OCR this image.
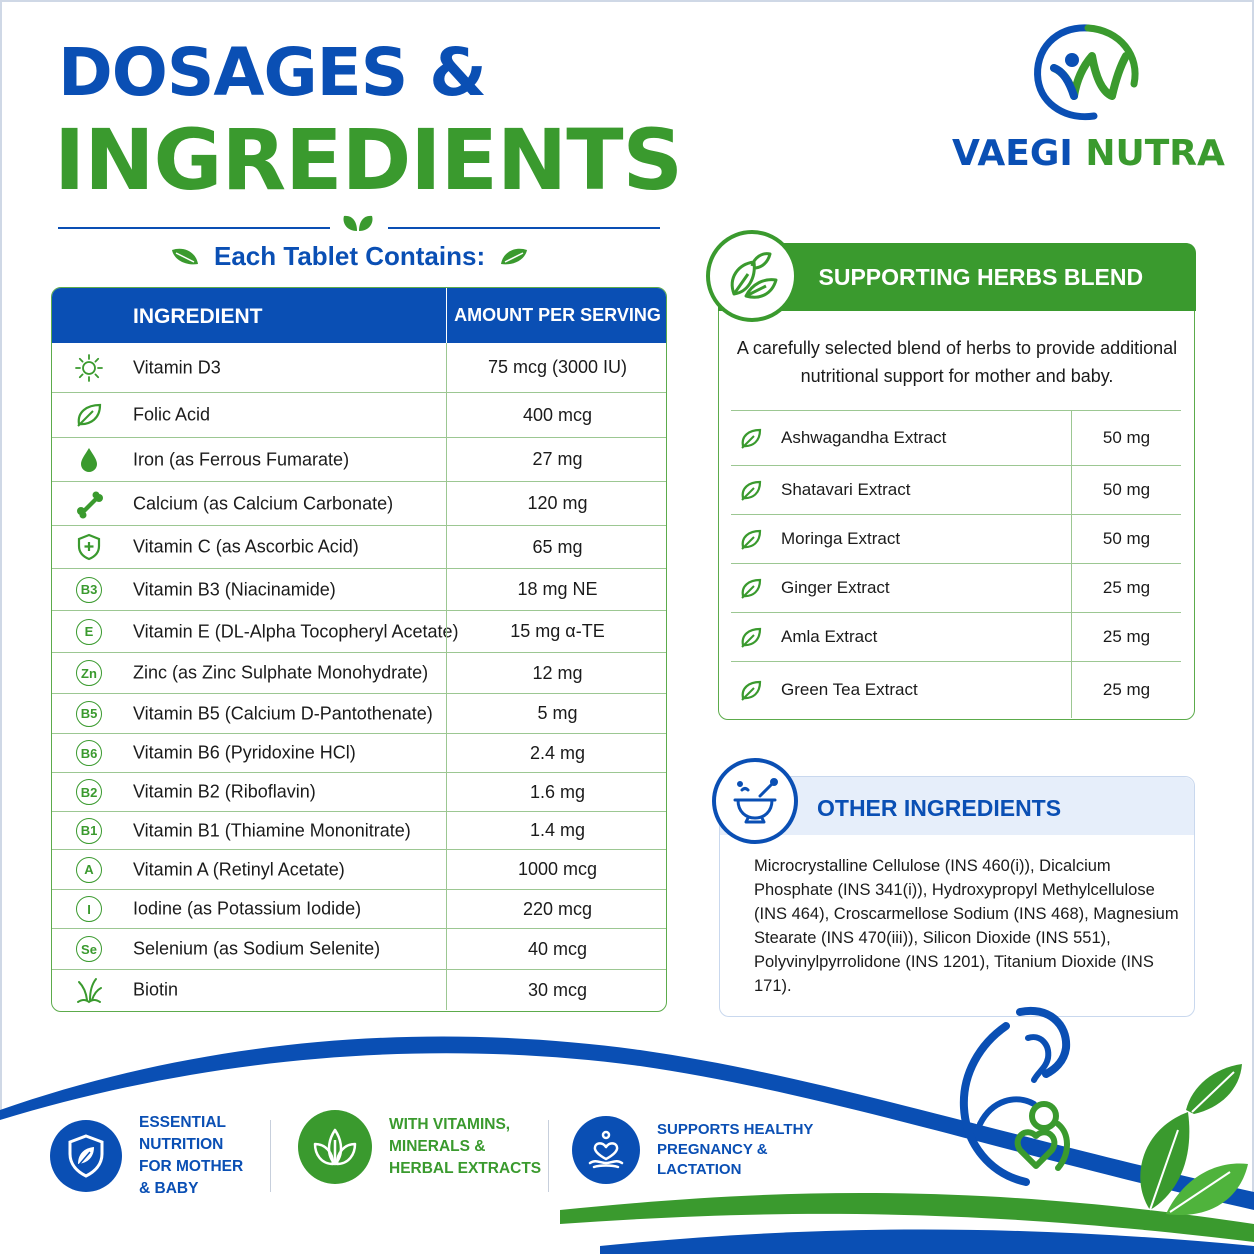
DOSAGES &
INGREDIENTS
Each Tablet Contains:
VAEGI NUTRA
INGREDIENT	AMOUNT PER SERVING
Vitamin D3	75 mcg (3000 IU)
Folic Acid	400 mcg
Iron (as Ferrous Fumarate)	27 mg
Calcium (as Calcium Carbonate)	120 mg
Vitamin C (as Ascorbic Acid)	65 mg
B3 Vitamin B3 (Niacinamide)	18 mg NE
E	Vitamin E (DL-Alpha Tocopheryl Acetate)	15 mg α-TE
Zn Zinc (as Zinc Sulphate Monohydrate)	12 mg
B5 Vitamin B5 (Calcium D-Pantothenate)	5 mg
B6 Vitamin B6 (Pyridoxine HCl)	2.4 mg
B2 Vitamin B2 (Riboflavin)	1.6 mg
B1 Vitamin B1 (Thiamine Mononitrate)	1.4 mg
A	Vitamin A (Retinyl Acetate)	1000 mcg
I	Iodine (as Potassium Iodide)	220 mcg
Se Selenium (as Sodium Selenite)	40 mcg
Biotin	30 mcg
SUPPORTING HERBS BLEND
A carefully selected blend of herbs to provide additional nutritional support for mother and baby.
Ashwagandha Extract	50 mg
Shatavari Extract	50 mg
Moringa Extract	50 mg
Ginger Extract	25 mg
Amla Extract	25 mg
Green Tea Extract	25 mg
OTHER INGREDIENTS
Microcrystalline Cellulose (INS 460(i)), Dicalcium Phosphate (INS 341(i)), Hydroxypropyl Methylcellulose (INS 464), Croscarmellose Sodium (INS 468), Magnesium Stearate (INS 470(iii)), Silicon Dioxide (INS 551), Polyvinylpyrrolidone (INS 1201), Titanium Dioxide (INS 171).
ESSENTIAL
NUTRITION
FOR MOTHER
& BABY
WITH VITAMINS,
MINERALS &
HERBAL EXTRACTS
SUPPORTS HEALTHY
PREGNANCY &
LACTATION
